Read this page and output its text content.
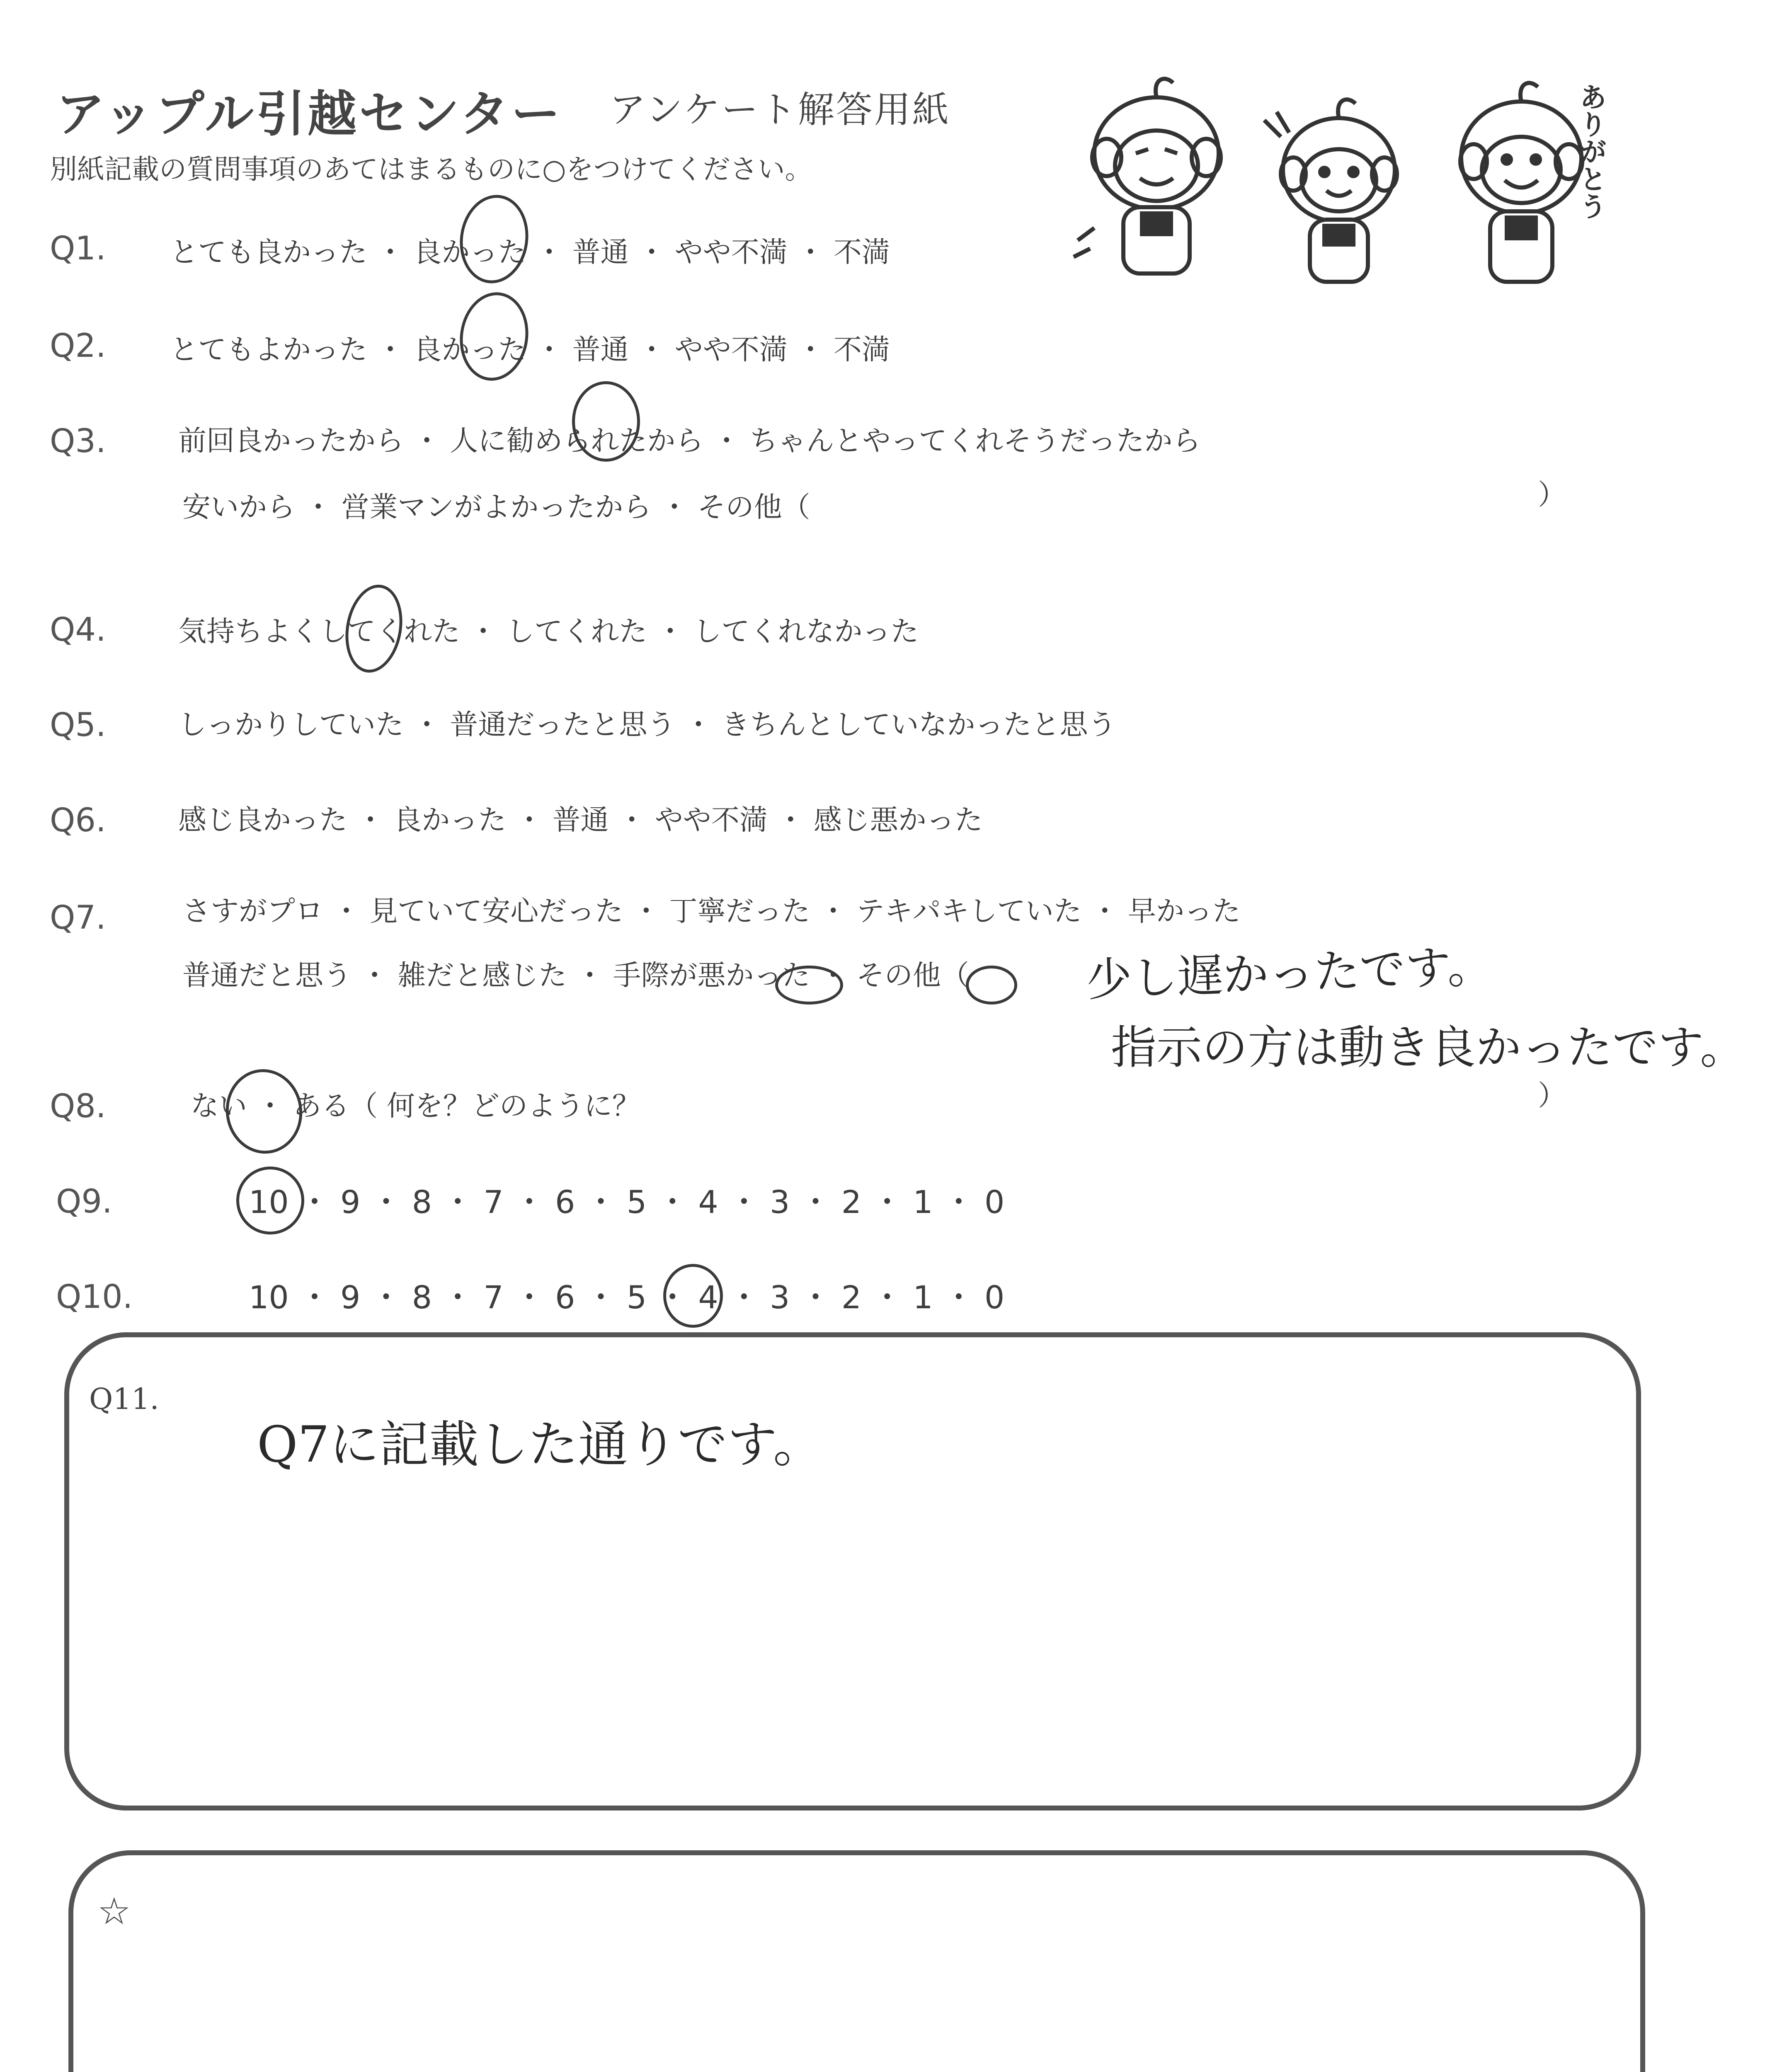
アップル引越センター アンケート解答用紙
別紙記載の質問事項のあてはまるものに○をつけてください。	ありがとう
Q1. とても良かった ・ 良かった ・ 普通 ・ やや不満 ・ 不満
Q2. とてもよかった ・ 良かった ・ 普通 ・ やや不満 ・ 不満
Q3.	前回良かったから ・ 人に勧められたから ・ ちゃんとやってくれそうだったから
安いから ・ 営業マンがよかったから ・ その他（	）
Q4.	気持ちよくしてくれた ・ してくれた ・ してくれなかった
Q5.	しっかりしていた ・ 普通だったと思う ・ きちんとしていなかったと思う
Q6.	感じ良かった ・ 良かった ・ 普通 ・ やや不満 ・ 感じ悪かった
Q7.	さすがプロ ・ 見ていて安心だった ・ 丁寧だった ・ テキパキしていた ・ 早かった
普通だと思う ・ 雑だと感じた ・ 手際が悪かった ・ その他（
Q8.	ない ・ ある（ 何を？どのように？	）
Q9.	10 ・ 9 ・ 8 ・ 7 ・ 6 ・ 5 ・ 4 ・ 3 ・ 2 ・ 1 ・ 0
Q10.	10 ・ 9 ・ 8 ・ 7 ・ 6 ・ 5 ・ 4 ・ 3 ・ 2 ・ 1 ・ 0
少し遅かったです。
指示の方は動き良かったです。
Q11.
Q7に記載した通りです。
☆
